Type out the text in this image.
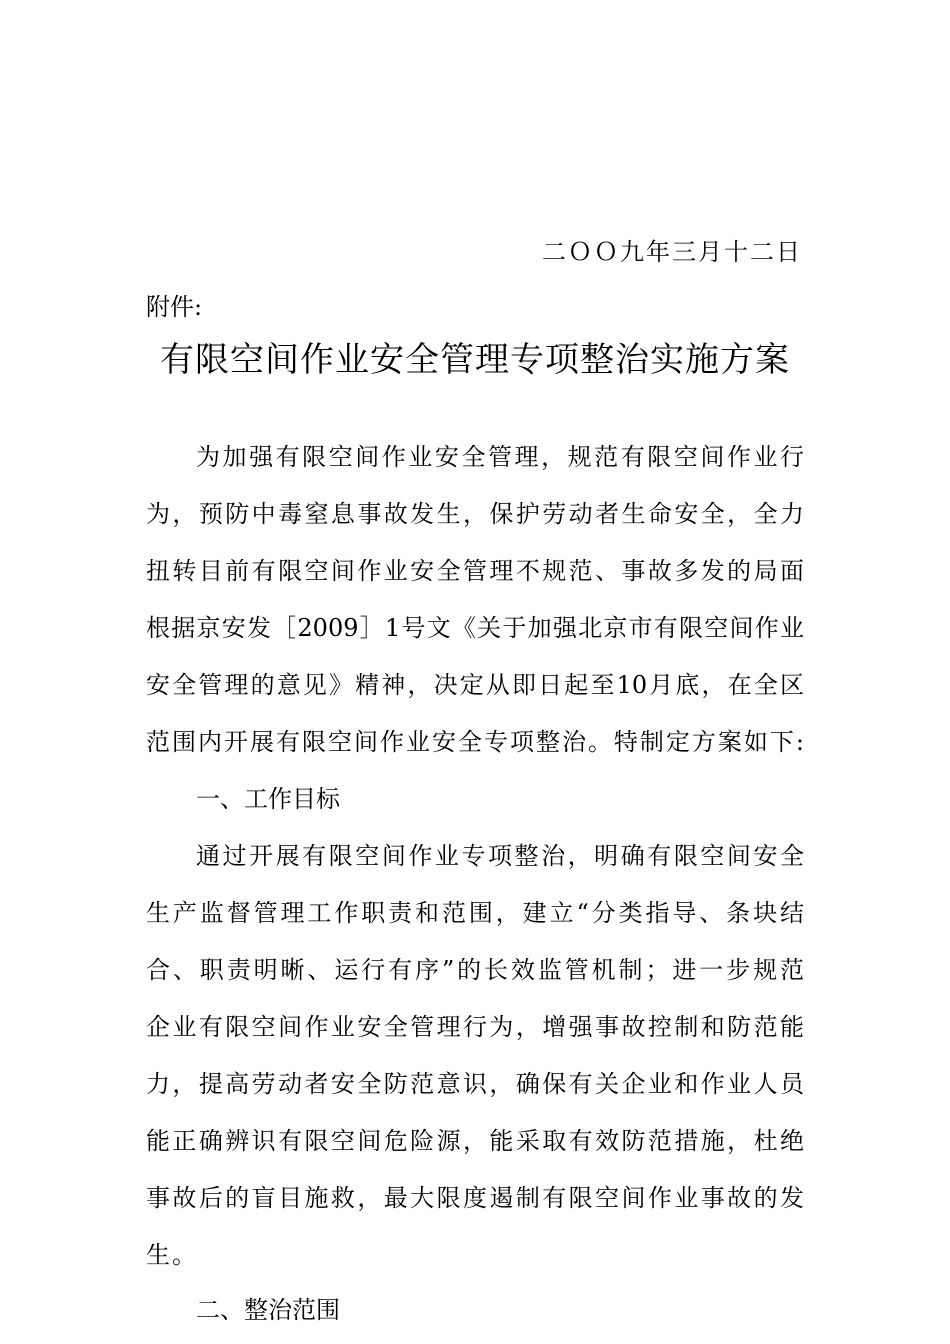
二ＯＯ九年三月十二日
附件:
有限空间作业安全管理专项整治实施方案
为加强有限空间作业安全管理，规范有限空间作业行
为，预防中毒窒息事故发生，保护劳动者生命安全，全力
扭转目前有限空间作业安全管理不规范、事故多发的局面
根据京安发［2009］1号文《关于加强北京市有限空间作业
安全管理的意见》精神，决定从即日起至10月底，在全区
范围内开展有限空间作业安全专项整治。特制定方案如下:
一、工作目标
通过开展有限空间作业专项整治，明确有限空间安全
生产监督管理工作职责和范围，建立“分类指导、条块结
合、职责明晰、运行有序”的长效监管机制；进一步规范
企业有限空间作业安全管理行为，增强事故控制和防范能
力，提高劳动者安全防范意识，确保有关企业和作业人员
能正确辨识有限空间危险源，能采取有效防范措施，杜绝
事故后的盲目施救，最大限度遏制有限空间作业事故的发
生。
二、整治范围
